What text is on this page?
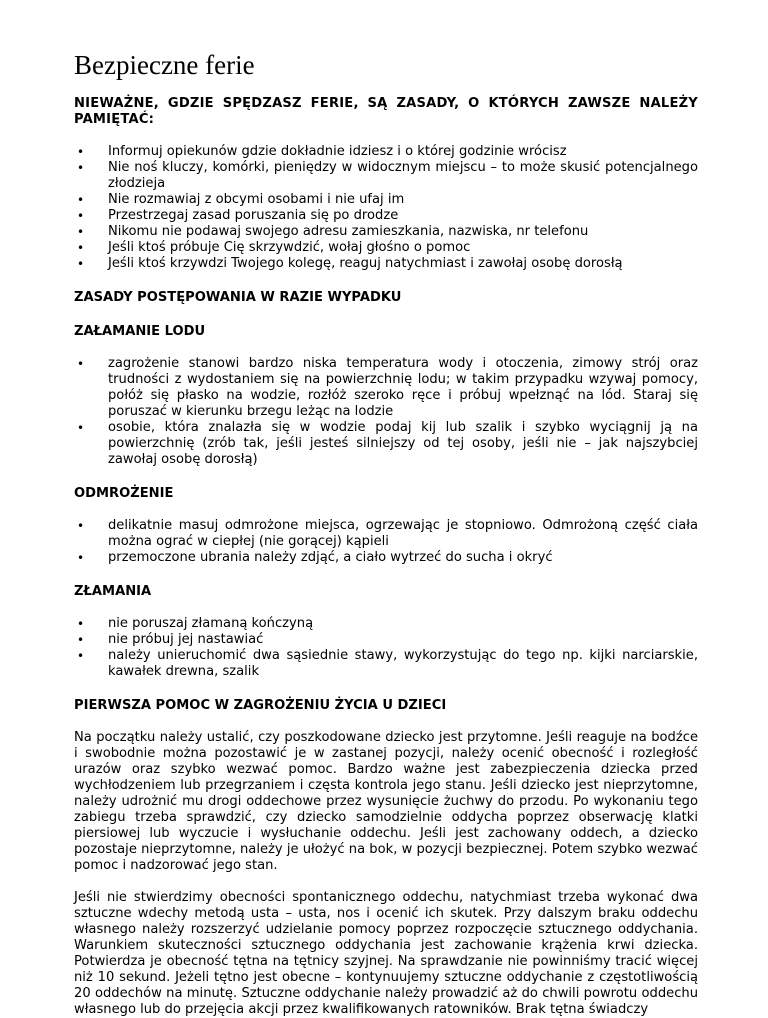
Bezpieczne ferie

NIEWAŻNE, GDZIE SPĘDZASZ FERIE, SĄ ZASADY, O KTÓRYCH ZAWSZE NALEŻY PAMIĘTAĆ:

• Informuj opiekunów gdzie dokładnie idziesz i o której godzinie wrócisz
• Nie noś kluczy, komórki, pieniędzy w widocznym miejscu – to może skusić potencjalnego złodzieja
• Nie rozmawiaj z obcymi osobami i nie ufaj im
• Przestrzegaj zasad poruszania się po drodze
• Nikomu nie podawaj swojego adresu zamieszkania, nazwiska, nr telefonu
• Jeśli ktoś próbuje Cię skrzywdzić, wołaj głośno o pomoc
• Jeśli ktoś krzywdzi Twojego kolegę, reaguj natychmiast i zawołaj osobę dorosłą

ZASADY POSTĘPOWANIA W RAZIE WYPADKU

ZAŁAMANIE LODU

• zagrożenie stanowi bardzo niska temperatura wody i otoczenia, zimowy strój oraz trudności z wydostaniem się na powierzchnię lodu; w takim przypadku wzywaj pomocy, połóż się płasko na wodzie, rozłóż szeroko ręce i próbuj wpełznąć na lód. Staraj się poruszać w kierunku brzegu leżąc na lodzie
• osobie, która znalazła się w wodzie podaj kij lub szalik i szybko wyciągnij ją na powierzchnię (zrób tak, jeśli jesteś silniejszy od tej osoby, jeśli nie – jak najszybciej zawołaj osobę dorosłą)

ODMROŻENIE

• delikatnie masuj odmrożone miejsca, ogrzewając je stopniowo. Odmrożoną część ciała można ograć w ciepłej (nie gorącej) kąpieli
• przemoczone ubrania należy zdjąć, a ciało wytrzeć do sucha i okryć

ZŁAMANIA

• nie poruszaj złamaną kończyną
• nie próbuj jej nastawiać
• należy unieruchomić dwa sąsiednie stawy, wykorzystując do tego np. kijki narciarskie, kawałek drewna, szalik

PIERWSZA POMOC W ZAGROŻENIU ŻYCIA U DZIECI

Na początku należy ustalić, czy poszkodowane dziecko jest przytomne. Jeśli reaguje na bodźce i swobodnie można pozostawić je w zastanej pozycji, należy ocenić obecność i rozległość urazów oraz szybko wezwać pomoc. Bardzo ważne jest zabezpieczenia dziecka przed wychłodzeniem lub przegrzaniem i częsta kontrola jego stanu. Jeśli dziecko jest nieprzytomne, należy udrożnić mu drogi oddechowe przez wysunięcie żuchwy do przodu. Po wykonaniu tego zabiegu trzeba sprawdzić, czy dziecko samodzielnie oddycha poprzez obserwację klatki piersiowej lub wyczucie i wysłuchanie oddechu. Jeśli jest zachowany oddech, a dziecko pozostaje nieprzytomne, należy je ułożyć na bok, w pozycji bezpiecznej. Potem szybko wezwać pomoc i nadzorować jego stan.

Jeśli nie stwierdzimy obecności spontanicznego oddechu, natychmiast trzeba wykonać dwa sztuczne wdechy metodą usta – usta, nos i ocenić ich skutek. Przy dalszym braku oddechu własnego należy rozszerzyć udzielanie pomocy poprzez rozpoczęcie sztucznego oddychania. Warunkiem skuteczności sztucznego oddychania jest zachowanie krążenia krwi dziecka. Potwierdza je obecność tętna na tętnicy szyjnej. Na sprawdzanie nie powinniśmy tracić więcej niż 10 sekund. Jeżeli tętno jest obecne – kontynuujemy sztuczne oddychanie z częstotliwością 20 oddechów na minutę. Sztuczne oddychanie należy prowadzić aż do chwili powrotu oddechu własnego lub do przejęcia akcji przez kwalifikowanych ratowników. Brak tętna świadczy
